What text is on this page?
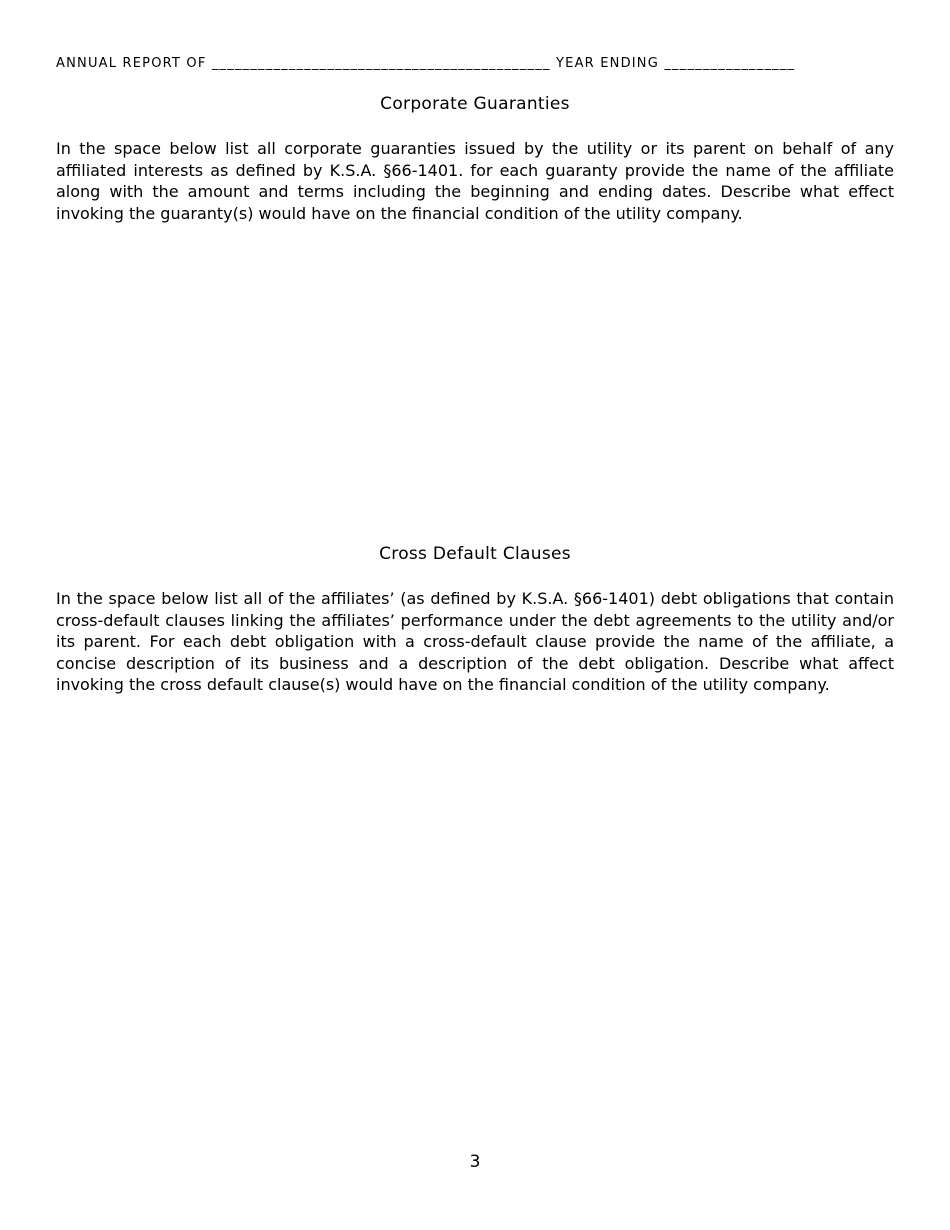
ANNUAL REPORT OF ____________________________________________ YEAR ENDING _________________
Corporate Guaranties

In the space below list all corporate guaranties issued by the utility or its parent on behalf of any affiliated interests as defined by K.S.A. §66-1401. for each guaranty provide the name of the affiliate along with the amount and terms including the beginning and ending dates. Describe what effect invoking the guaranty(s) would have on the financial condition of the utility company.

Cross Default Clauses

In the space below list all of the affiliates’ (as defined by K.S.A. §66-1401) debt obligations that contain cross-default clauses linking the affiliates’ performance under the debt agreements to the utility and/or its parent. For each debt obligation with a cross-default clause provide the name of the affiliate, a concise description of its business and a description of the debt obligation. Describe what affect invoking the cross default clause(s) would have on the financial condition of the utility company.

3
